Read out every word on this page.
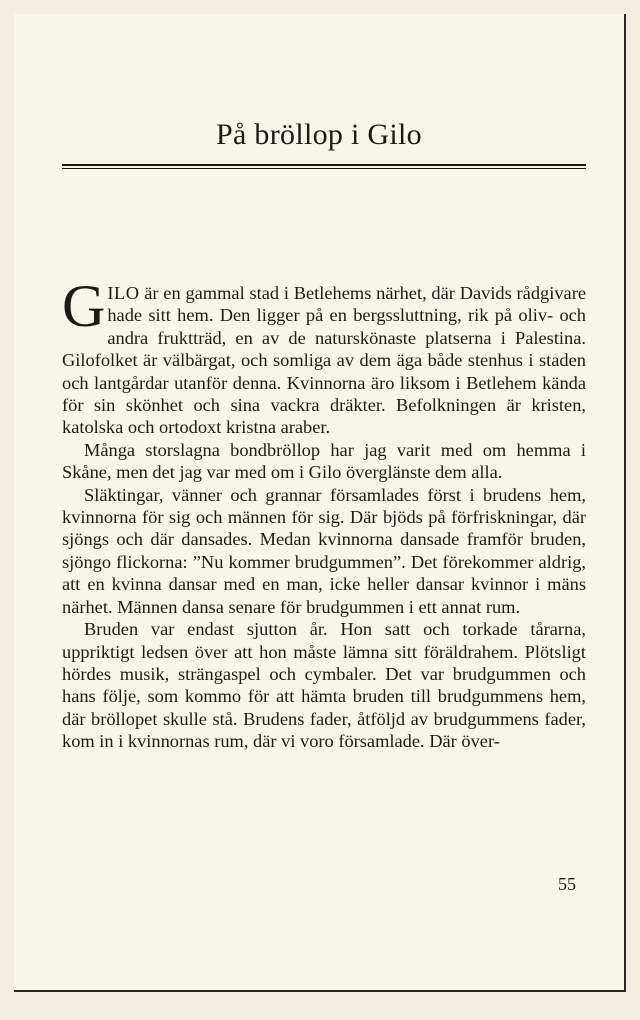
På bröllop i Gilo

GILO är en gammal stad i Betlehems närhet, där Davids rådgivare hade sitt hem. Den ligger på en bergssluttning, rik på oliv- och andra fruktträd, en av de naturskönaste platserna i Palestina. Gilofolket är välbärgat, och somliga av dem äga både stenhus i staden och lantgårdar utanför denna. Kvinnorna äro liksom i Betlehem kända för sin skönhet och sina vackra dräkter. Befolkningen är kristen, katolska och ortodoxt kristna araber.

Många storslagna bondbröllop har jag varit med om hemma i Skåne, men det jag var med om i Gilo överglänste dem alla.

Släktingar, vänner och grannar församlades först i brudens hem, kvinnorna för sig och männen för sig. Där bjöds på förfriskningar, där sjöngs och där dansades. Medan kvinnorna dansade framför bruden, sjöngo flickorna: ”Nu kommer brudgummen”. Det förekommer aldrig, att en kvinna dansar med en man, icke heller dansar kvinnor i mäns närhet. Männen dansa senare för brudgummen i ett annat rum.

Bruden var endast sjutton år. Hon satt och torkade tårarna, uppriktigt ledsen över att hon måste lämna sitt föräldrahem. Plötsligt hördes musik, strängaspel och cymbaler. Det var brudgummen och hans följe, som kommo för att hämta bruden till brudgummens hem, där bröllopet skulle stå. Brudens fader, åtföljd av brudgummens fader, kom in i kvinnornas rum, där vi voro församlade. Där över-

55
